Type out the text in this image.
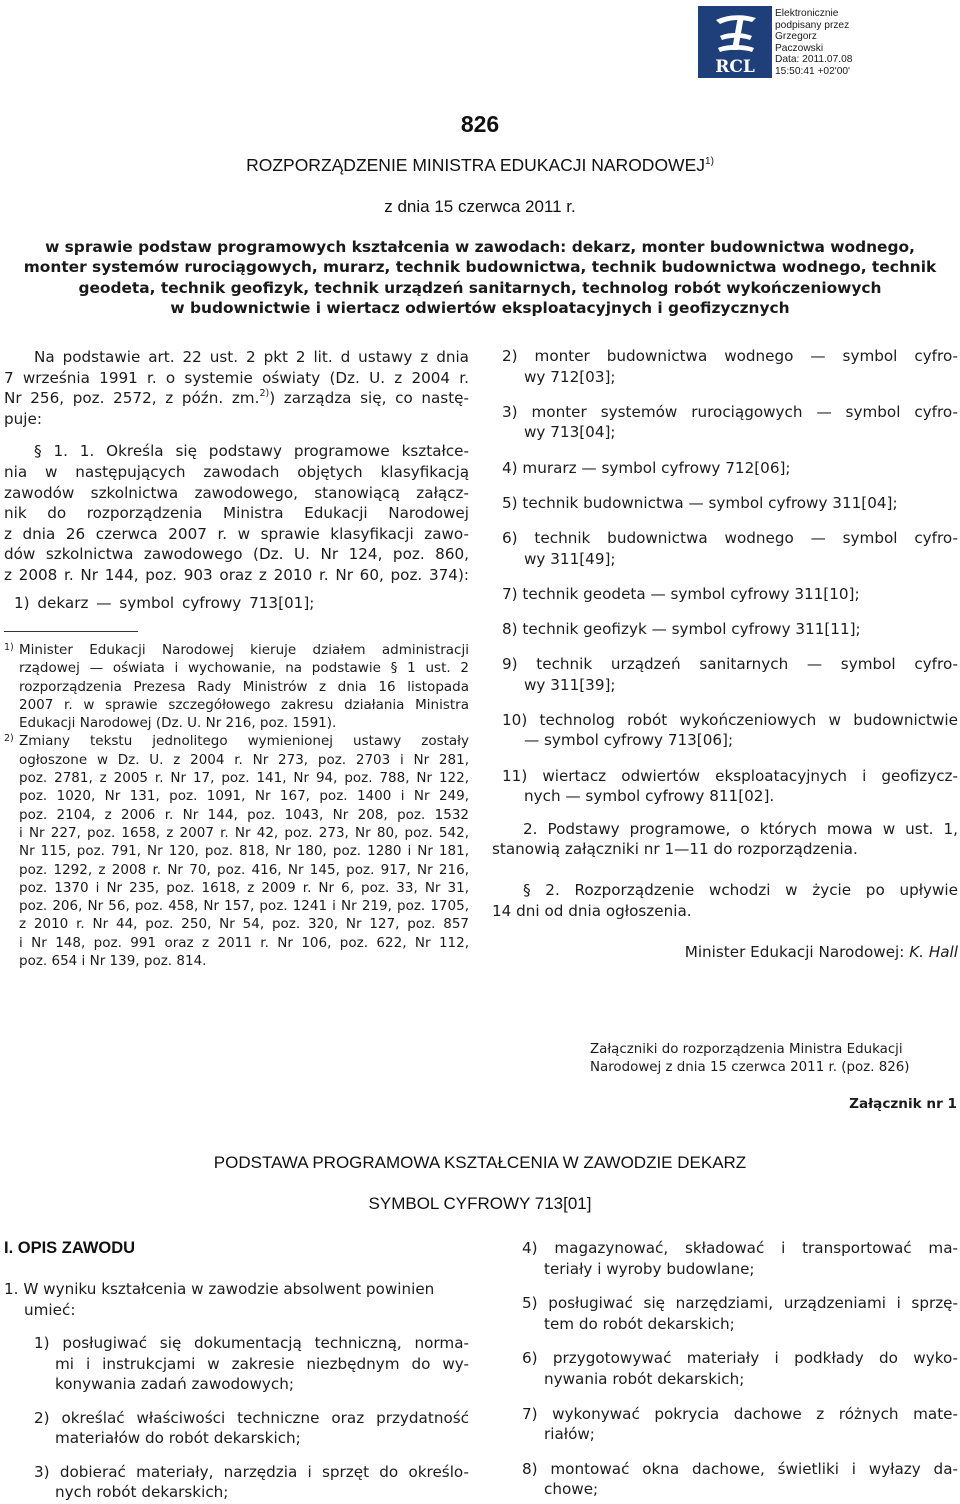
RCL
Elektronicznie
podpisany przez
Grzegorz
Paczowski
Data: 2011.07.08
15:50:41 +02'00'
826
ROZPORZĄDZENIE MINISTRA EDUKACJI NARODOWEJ$^{1)}$
z dnia 15 czerwca 2011 r.
w sprawie podstaw programowych kształcenia w zawodach: dekarz, monter budownictwa wodnego,
monter systemów rurociągowych, murarz, technik budownictwa, technik budownictwa wodnego, technik
geodeta, technik geofizyk, technik urządzeń sanitarnych, technolog robót wykończeniowych
w budownictwie i wiertacz odwiertów eksploatacyjnych i geofizycznych
Na podstawie art. 22 ust. 2 pkt 2 lit. d ustawy z dnia
7 września 1991 r. o systemie oświaty (Dz. U. z 2004 r.
Nr 256, poz. 2572, z późn. zm.$^{2)}$) zarządza się, co nastę-
puje:
§ 1. 1. Określa się podstawy programowe kształce-
nia w następujących zawodach objętych klasyfikacją
zawodów szkolnictwa zawodowego, stanowiącą załącz-
nik do rozporządzenia Ministra Edukacji Narodowej
z dnia 26 czerwca 2007 r. w sprawie klasyfikacji zawo-
dów szkolnictwa zawodowego (Dz. U. Nr 124, poz. 860,
z 2008 r. Nr 144, poz. 903 oraz z 2010 r. Nr 60, poz. 374):
1) dekarz — symbol cyfrowy 713[01];
1) Minister Edukacji Narodowej kieruje działem administracji
rządowej — oświata i wychowanie, na podstawie § 1 ust. 2
rozporządzenia Prezesa Rady Ministrów z dnia 16 listopada
2007 r. w sprawie szczegółowego zakresu działania Ministra
Edukacji Narodowej (Dz. U. Nr 216, poz. 1591).
2) Zmiany tekstu jednolitego wymienionej ustawy zostały
ogłoszone w Dz. U. z 2004 r. Nr 273, poz. 2703 i Nr 281,
poz. 2781, z 2005 r. Nr 17, poz. 141, Nr 94, poz. 788, Nr 122,
poz. 1020, Nr 131, poz. 1091, Nr 167, poz. 1400 i Nr 249,
poz. 2104, z 2006 r. Nr 144, poz. 1043, Nr 208, poz. 1532
i Nr 227, poz. 1658, z 2007 r. Nr 42, poz. 273, Nr 80, poz. 542,
Nr 115, poz. 791, Nr 120, poz. 818, Nr 180, poz. 1280 i Nr 181,
poz. 1292, z 2008 r. Nr 70, poz. 416, Nr 145, poz. 917, Nr 216,
poz. 1370 i Nr 235, poz. 1618, z 2009 r. Nr 6, poz. 33, Nr 31,
poz. 206, Nr 56, poz. 458, Nr 157, poz. 1241 i Nr 219, poz. 1705,
z 2010 r. Nr 44, poz. 250, Nr 54, poz. 320, Nr 127, poz. 857
i Nr 148, poz. 991 oraz z 2011 r. Nr 106, poz. 622, Nr 112,
poz. 654 i Nr 139, poz. 814.
2) monter budownictwa wodnego — symbol cyfro-
wy 712[03];
3) monter systemów rurociągowych — symbol cyfro-
wy 713[04];
4) murarz — symbol cyfrowy 712[06];
5) technik budownictwa — symbol cyfrowy 311[04];
6) technik budownictwa wodnego — symbol cyfro-
wy 311[49];
7) technik geodeta — symbol cyfrowy 311[10];
8) technik geofizyk — symbol cyfrowy 311[11];
9) technik urządzeń sanitarnych — symbol cyfro-
wy 311[39];
10) technolog robót wykończeniowych w budownictwie
— symbol cyfrowy 713[06];
11) wiertacz odwiertów eksploatacyjnych i geofizycz-
nych — symbol cyfrowy 811[02].
2. Podstawy programowe, o których mowa w ust. 1,
stanowią załączniki nr 1—11 do rozporządzenia.
§ 2. Rozporządzenie wchodzi w życie po upływie
14 dni od dnia ogłoszenia.
Minister Edukacji Narodowej: K. Hall
Załączniki do rozporządzenia Ministra Edukacji
Narodowej z dnia 15 czerwca 2011 r. (poz. 826)
Załącznik nr 1
PODSTAWA PROGRAMOWA KSZTAŁCENIA W ZAWODZIE DEKARZ
SYMBOL CYFROWY 713[01]
I. OPIS ZAWODU
1. W wyniku kształcenia w zawodzie absolwent powinien
umieć:
1) posługiwać się dokumentacją techniczną, norma-
mi i instrukcjami w zakresie niezbędnym do wy-
konywania zadań zawodowych;
2) określać właściwości techniczne oraz przydatność
materiałów do robót dekarskich;
3) dobierać materiały, narzędzia i sprzęt do określo-
nych robót dekarskich;
4) magazynować, składować i transportować ma-
teriały i wyroby budowlane;
5) posługiwać się narzędziami, urządzeniami i sprzę-
tem do robót dekarskich;
6) przygotowywać materiały i podkłady do wyko-
nywania robót dekarskich;
7) wykonywać pokrycia dachowe z różnych mate-
riałów;
8) montować okna dachowe, świetliki i wyłazy da-
chowe;
